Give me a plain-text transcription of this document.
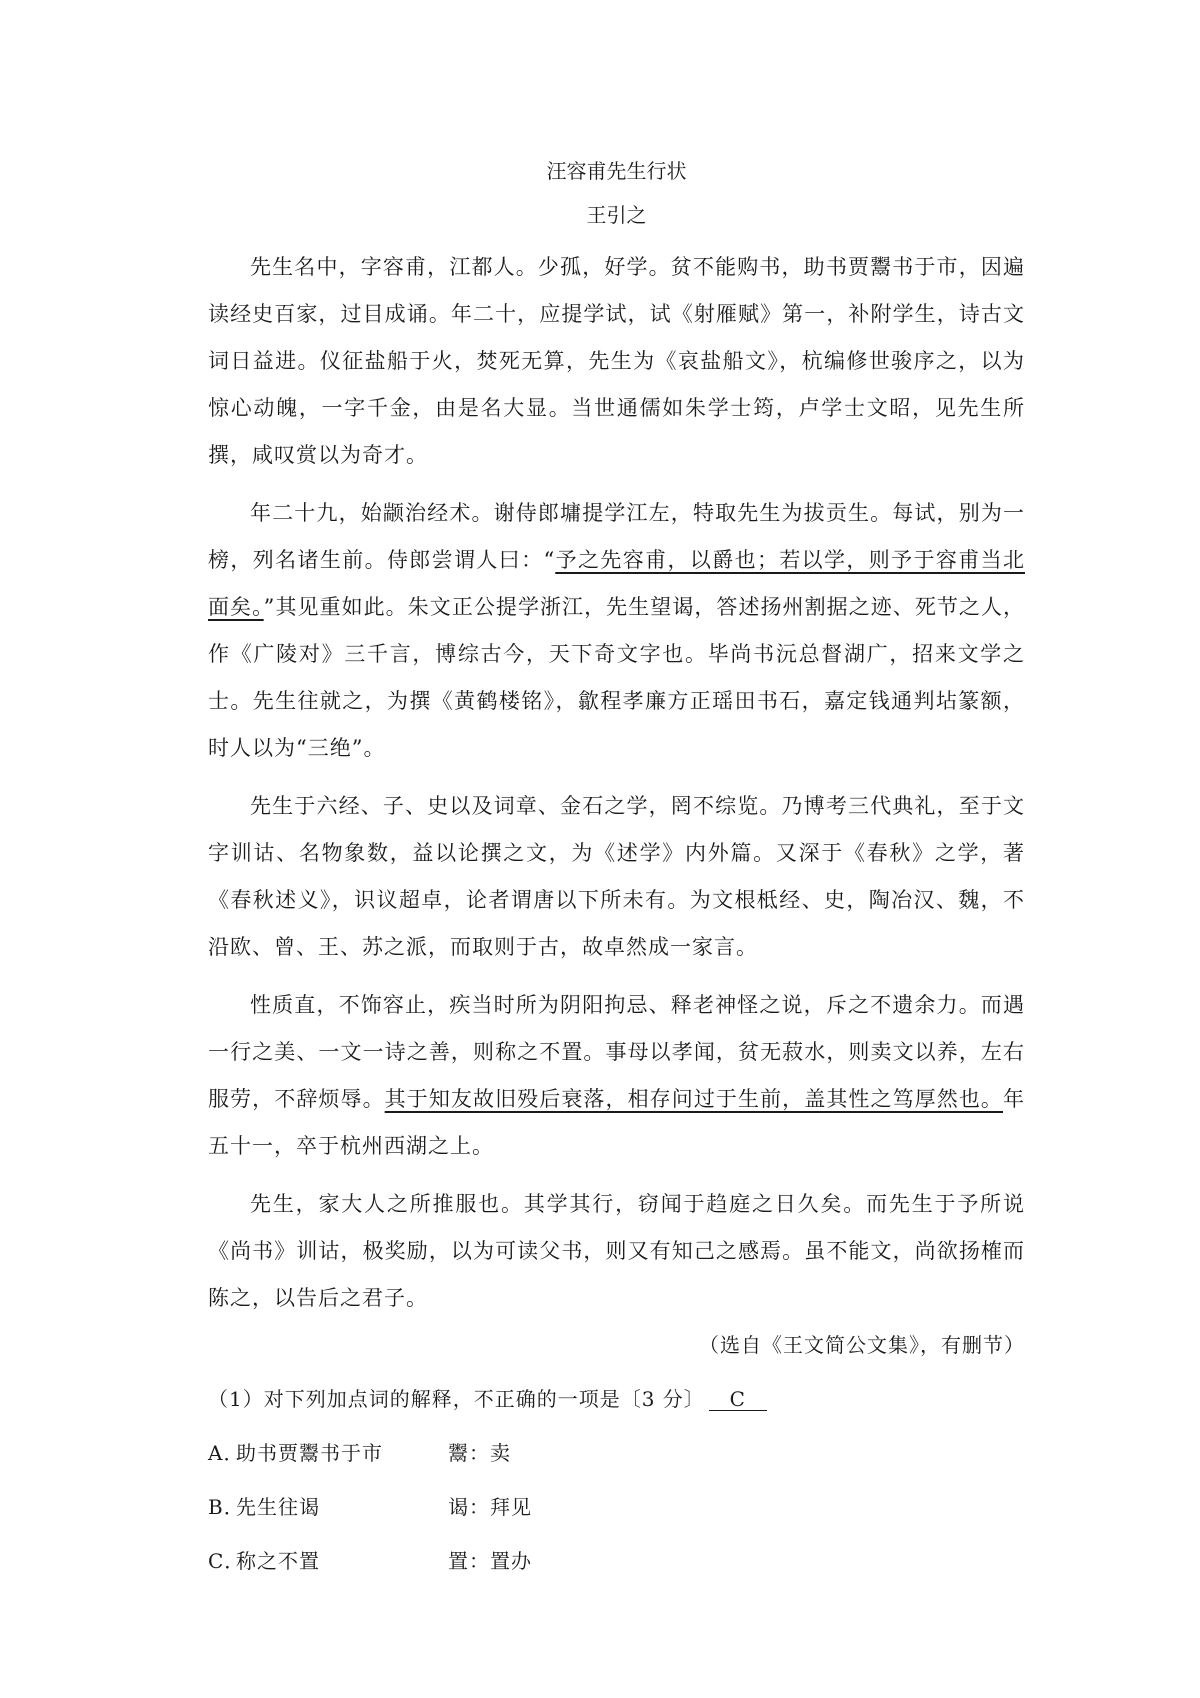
汪容甫先生行状
王引之

先生名中，字容甫，江都人。少孤，好学。贫不能购书，助书贾鬻书于市，因遍读经史百家，过目成诵。年二十，应提学试，试《射雁赋》第一，补附学生，诗古文词日益进。仪征盐船于火，焚死无算，先生为《哀盐船文》，杭编修世骏序之，以为惊心动魄，一字千金，由是名大显。当世通儒如朱学士筠，卢学士文昭，见先生所撰，咸叹赏以为奇才。

年二十九，始颛治经术。谢侍郎墉提学江左，特取先生为拔贡生。每试，别为一榜，列名诸生前。侍郎尝谓人曰：“予之先容甫，以爵也；若以学，则予于容甫当北面矣。”其见重如此。朱文正公提学浙江，先生望谒，答述扬州割据之迹、死节之人，作《广陵对》三千言，博综古今，天下奇文字也。毕尚书沅总督湖广，招来文学之士。先生往就之，为撰《黄鹤楼铭》，歙程孝廉方正瑶田书石，嘉定钱通判坫篆额，时人以为“三绝”。

先生于六经、子、史以及词章、金石之学，罔不综览。乃博考三代典礼，至于文字训诂、名物象数，益以论撰之文，为《述学》内外篇。又深于《春秋》之学，著《春秋述义》，识议超卓，论者谓唐以下所未有。为文根柢经、史，陶冶汉、魏，不沿欧、曾、王、苏之派，而取则于古，故卓然成一家言。

性质直，不饰容止，疾当时所为阴阳拘忌、释老神怪之说，斥之不遗余力。而遇一行之美、一文一诗之善，则称之不置。事母以孝闻，贫无菽水，则卖文以养，左右服劳，不辞烦辱。其于知友故旧殁后衰落，相存问过于生前，盖其性之笃厚然也。年五十一，卒于杭州西湖之上。

先生，家大人之所推服也。其学其行，窃闻于趋庭之日久矣。而先生于予所说《尚书》训诂，极奖励，以为可读父书，则又有知己之感焉。虽不能文，尚欲扬榷而陈之，以告后之君子。

（选自《王文简公文集》，有删节）
（1）对下列加点词的解释，不正确的一项是〔3 分〕 C
A．
助书贾鬻书于市	鬻：卖
B．
先生往谒	谒：拜见
C．
称之不置	置：置办
